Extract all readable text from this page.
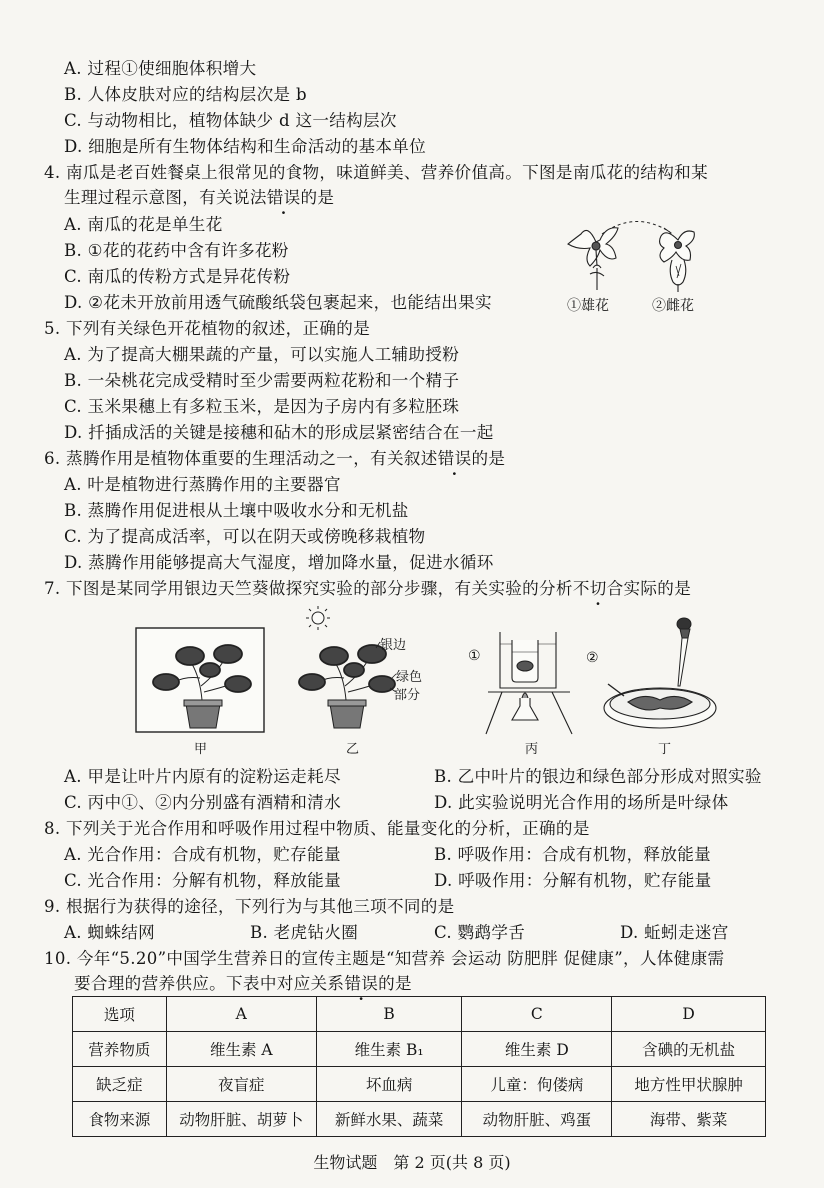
A. 过程①使细胞体积增大
B. 人体皮肤对应的结构层次是 b
C. 与动物相比，植物体缺少 d 这一结构层次
D. 细胞是所有生物体结构和生命活动的基本单位
4. 南瓜是老百姓餐桌上很常见的食物，味道鲜美、营养价值高。下图是南瓜花的结构和某
生理过程示意图，有关说法错误的是
A. 南瓜的花是单生花
B. ①花的花药中含有许多花粉
C. 南瓜的传粉方式是异花传粉
D. ②花未开放前用透气硫酸纸袋包裹起来，也能结出果实	①雄花	②雌花
5. 下列有关绿色开花植物的叙述，正确的是
A. 为了提高大棚果蔬的产量，可以实施人工辅助授粉
B. 一朵桃花完成受精时至少需要两粒花粉和一个精子
C. 玉米果穗上有多粒玉米，是因为子房内有多粒胚珠
D. 扦插成活的关键是接穗和砧木的形成层紧密结合在一起
6. 蒸腾作用是植物体重要的生理活动之一，有关叙述错误的是
A. 叶是植物进行蒸腾作用的主要器官
B. 蒸腾作用促进根从土壤中吸收水分和无机盐
C. 为了提高成活率，可以在阴天或傍晚移栽植物
D. 蒸腾作用能够提高大气湿度，增加降水量，促进水循环
7. 下图是某同学用银边天竺葵做探究实验的部分步骤，有关实验的分析不切合实际的是
甲
银边
绿色
部分
乙
①	②
丙	丁
A. 甲是让叶片内原有的淀粉运走耗尽	B. 乙中叶片的银边和绿色部分形成对照实验
C. 丙中①、②内分别盛有酒精和清水	D. 此实验说明光合作用的场所是叶绿体
8. 下列关于光合作用和呼吸作用过程中物质、能量变化的分析，正确的是
A. 光合作用：合成有机物，贮存能量	B. 呼吸作用：合成有机物，释放能量
C. 光合作用：分解有机物，释放能量	D. 呼吸作用：分解有机物，贮存能量
9. 根据行为获得的途径，下列行为与其他三项不同的是
A. 蜘蛛结网	B. 老虎钻火圈	C. 鹦鹉学舌	D. 蚯蚓走迷宫
10. 今年“5.20”中国学生营养日的宣传主题是“知营养 会运动 防肥胖 促健康”，人体健康需
要合理的营养供应。下表中对应关系错误的是
选项	A	B	C	D
营养物质	维生素 A	维生素 B₁	维生素 D	含碘的无机盐
缺乏症	夜盲症	坏血病	儿童：佝偻病	地方性甲状腺肿
食物来源	动物肝脏、胡萝卜	新鲜水果、蔬菜	动物肝脏、鸡蛋	海带、紫菜
生物试题　第 2 页(共 8 页)
